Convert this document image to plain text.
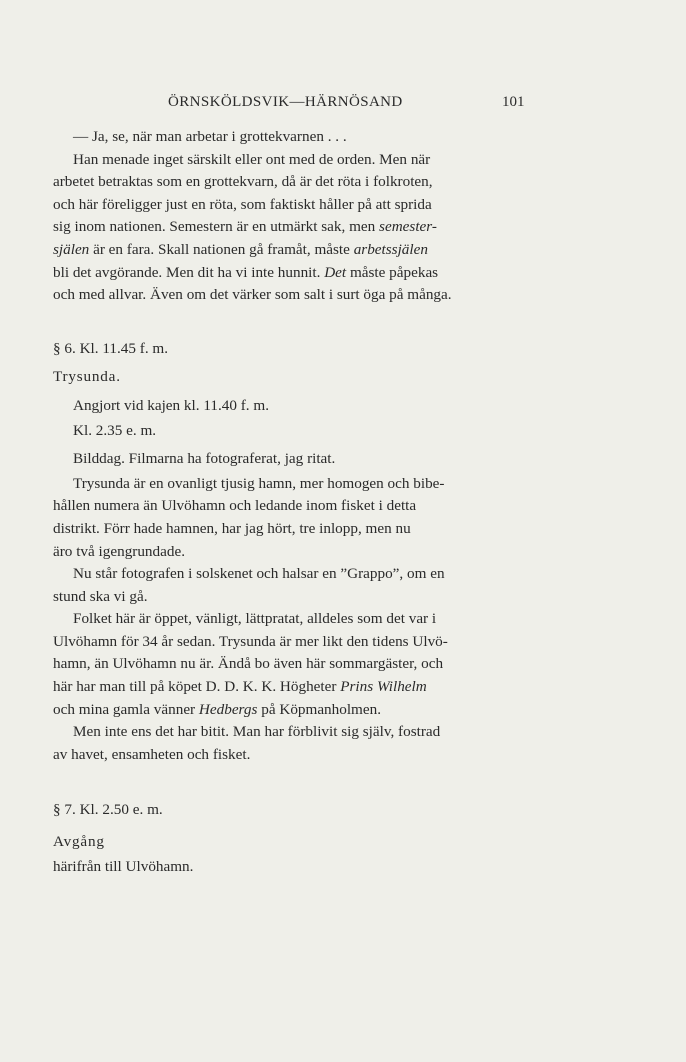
ÖRNSKÖLDSVIK—HÄRNÖSAND	101

— Ja, se, när man arbetar i grottekvarnen . . .

Han menade inget särskilt eller ont med de orden. Men när

arbetet betraktas som en grottekvarn, då är det röta i folkroten,

och här föreligger just en röta, som faktiskt håller på att sprida

sig inom nationen. Semestern är en utmärkt sak, men semester-

själen är en fara. Skall nationen gå framåt, måste arbetssjälen

bli det avgörande. Men dit ha vi inte hunnit. Det måste påpekas

och med allvar. Även om det värker som salt i surt öga på många.

§ 6. Kl. 11.45 f. m.

Trysunda.

Angjort vid kajen kl. 11.40 f. m.

Kl. 2.35 e. m.

Bilddag. Filmarna ha fotograferat, jag ritat.

Trysunda är en ovanligt tjusig hamn, mer homogen och bibe-

hållen numera än Ulvöhamn och ledande inom fisket i detta

distrikt. Förr hade hamnen, har jag hört, tre inlopp, men nu

äro två igengrundade.

Nu står fotografen i solskenet och halsar en ”Grappo”, om en

stund ska vi gå.

Folket här är öppet, vänligt, lättpratat, alldeles som det var i

Ulvöhamn för 34 år sedan. Trysunda är mer likt den tidens Ulvö-

hamn, än Ulvöhamn nu är. Ändå bo även här sommargäster, och

här har man till på köpet D. D. K. K. Högheter Prins Wilhelm

och mina gamla vänner Hedbergs på Köpmanholmen.

Men inte ens det har bitit. Man har förblivit sig själv, fostrad

av havet, ensamheten och fisket.

§ 7. Kl. 2.50 e. m.

Avgång

härifrån till Ulvöhamn.
